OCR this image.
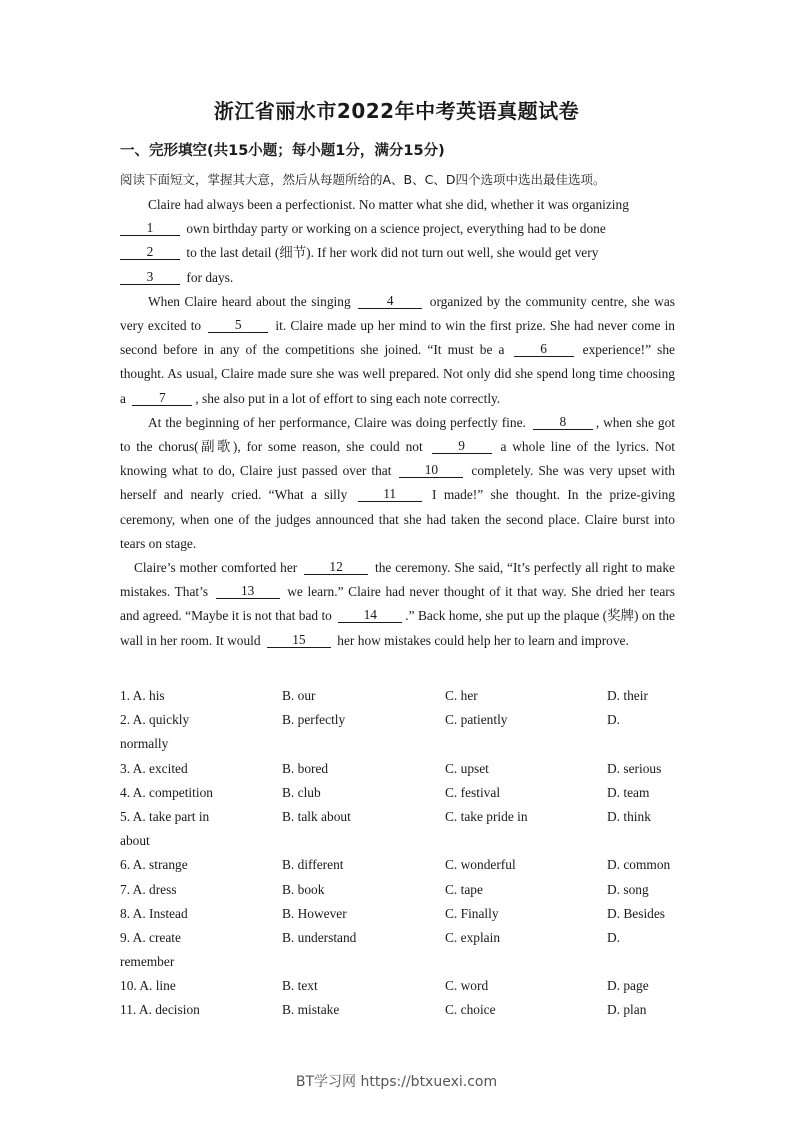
浙江省丽水市2022年中考英语真题试卷
一、完形填空(共15小题；每小题1分，满分15分)
阅读下面短文，掌握其大意，然后从每题所给的A、B、C、D四个选项中选出最佳选项。

Claire had always been a perfectionist. No matter what she did, whether it was organizing
1 own birthday party or working on a science project, everything had to be done
2 to the last detail (细节). If her work did not turn out well, she would get very
3 for days.

When Claire heard about the singing	4	organized by the community centre, she was very excited to	5	it. Claire made up her mind to win the first prize. She had never come in second before in any of the competitions she joined. “It must be a	6	experience!” she thought. As usual, Claire made sure she was well prepared. Not only did she spend long time choosing a 7 , she also put in a lot of effort to sing each note correctly.

At the beginning of her performance, Claire was doing perfectly fine.	8 , when she got to the chorus(副歌), for some reason, she could not	9	a whole line of the lyrics. Not knowing what to do, Claire just passed over that 10 completely. She was very upset with herself and nearly cried. “What a silly	11	I made!” she thought. In the prize-giving ceremony, when one of the judges announced that she had taken the second place. Claire burst into tears on stage.

Claire’s mother comforted her 12 the ceremony. She said, “It’s perfectly all right to make mistakes. That’s 13 we learn.” Claire had never thought of it that way. She dried her tears and agreed. “Maybe it is not that bad to 14 .” Back home, she put up the plaque (奖牌) on the wall in her room. It would 15 her how mistakes could help her to learn and improve.

1. A. his	B. our	C. her	D. their
2. A. quickly	B. perfectly	C. patiently	D.
normally
3. A. excited	B. bored	C. upset	D. serious
4. A. competition	B. club	C. festival	D. team
5. A. take part in	B. talk about	C. take pride in	D. think
about
6. A. strange	B. different	C. wonderful	D. common
7. A. dress	B. book	C. tape	D. song
8. A. Instead	B. However	C. Finally	D. Besides
9. A. create	B. understand	C. explain	D.
remember
10. A. line	B. text	C. word	D. page
11. A. decision	B. mistake	C. choice	D. plan
BT学习网 https://btxuexi.com
